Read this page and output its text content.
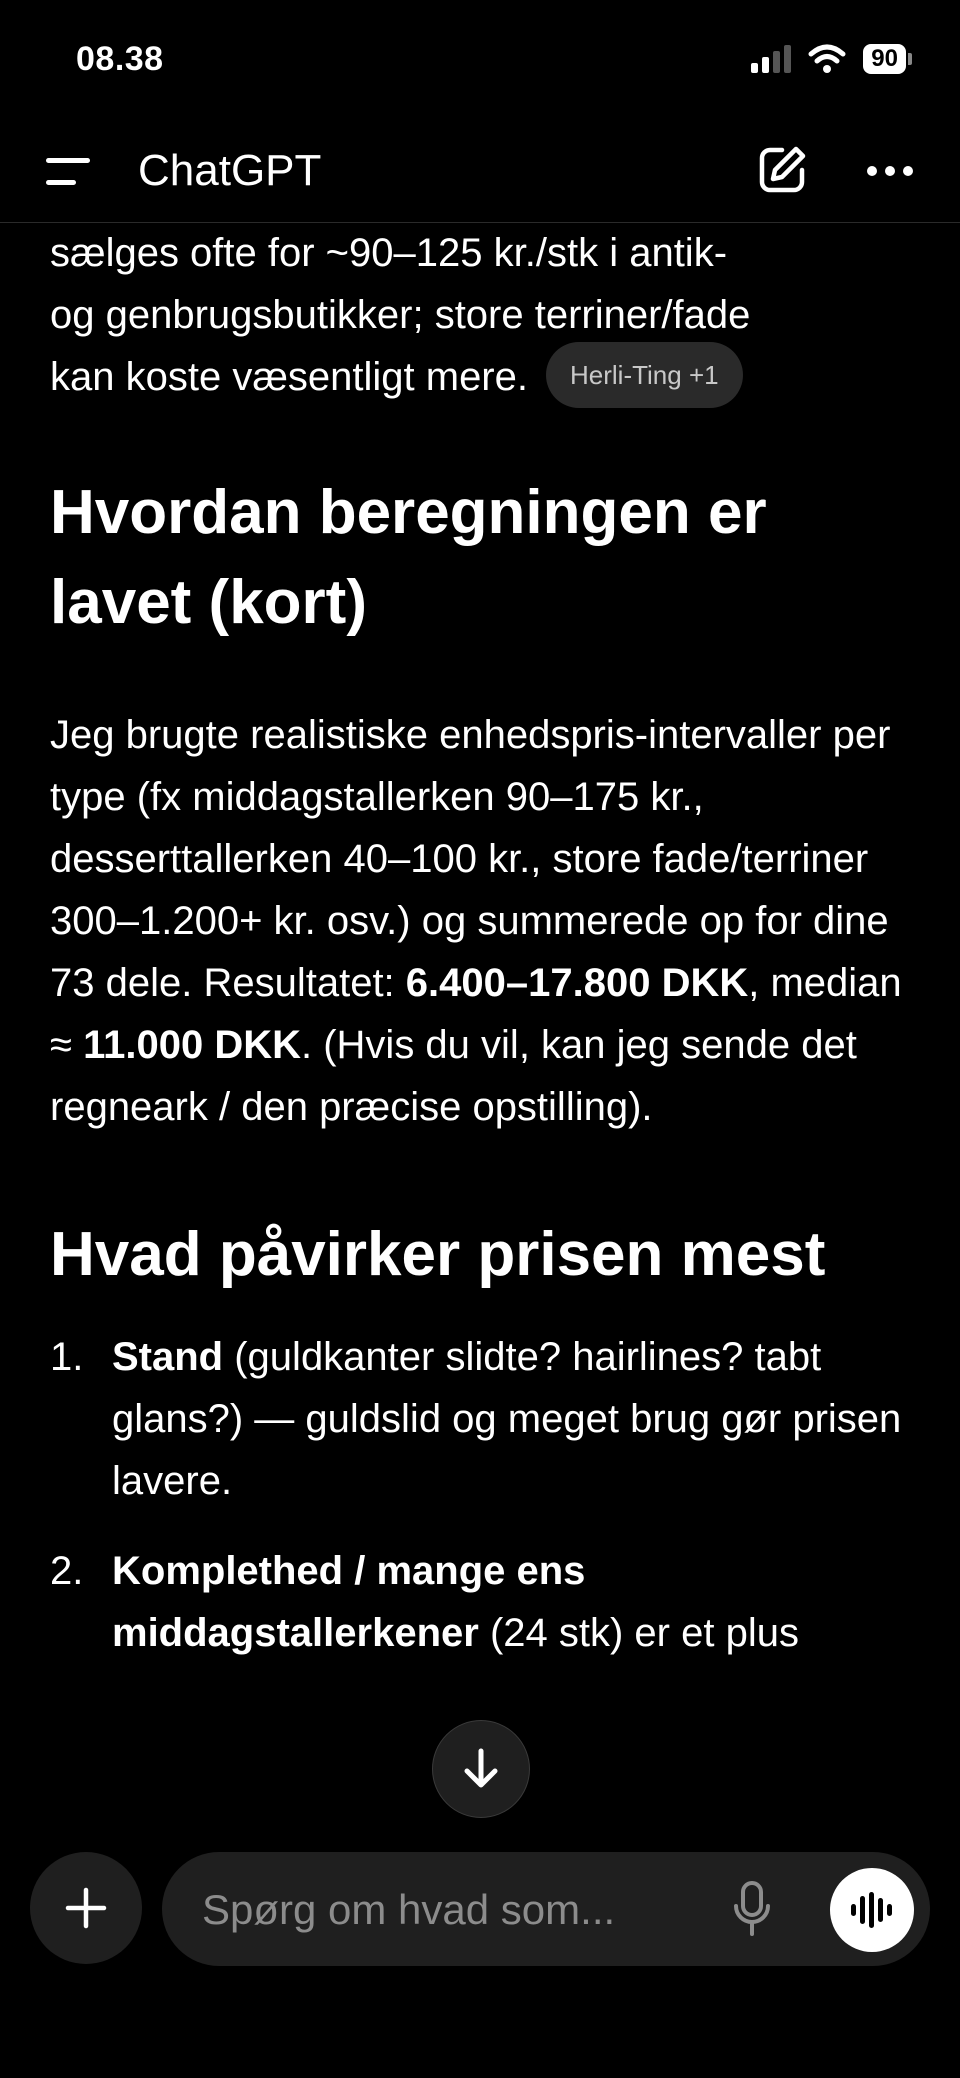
08.38	90
ChatGPT

sælges ofte for ~90–125 kr./stk i antik-
og genbrugsbutikker; store terriner/fade
kan koste væsentligt mere. Herli-Ting +1

Hvordan beregningen er lavet (kort)

Jeg brugte realistiske enhedspris-intervaller per type (fx middagstallerken 90–175 kr., desserttallerken 40–100 kr., store fade/terriner 300–1.200+ kr. osv.) og summerede op for dine 73 dele. Resultatet: 6.400–17.800 DKK, median ≈ 11.000 DKK. (Hvis du vil, kan jeg sende det regneark / den præcise opstilling).

Hvad påvirker prisen mest
1. Stand (guldkanter slidte? hairlines? tabt glans?) — guldslid og meget brug gør prisen lavere.
2. Komplethed / mange ens middagstallerkener (24 stk) er et plus
Spørg om hvad som...
